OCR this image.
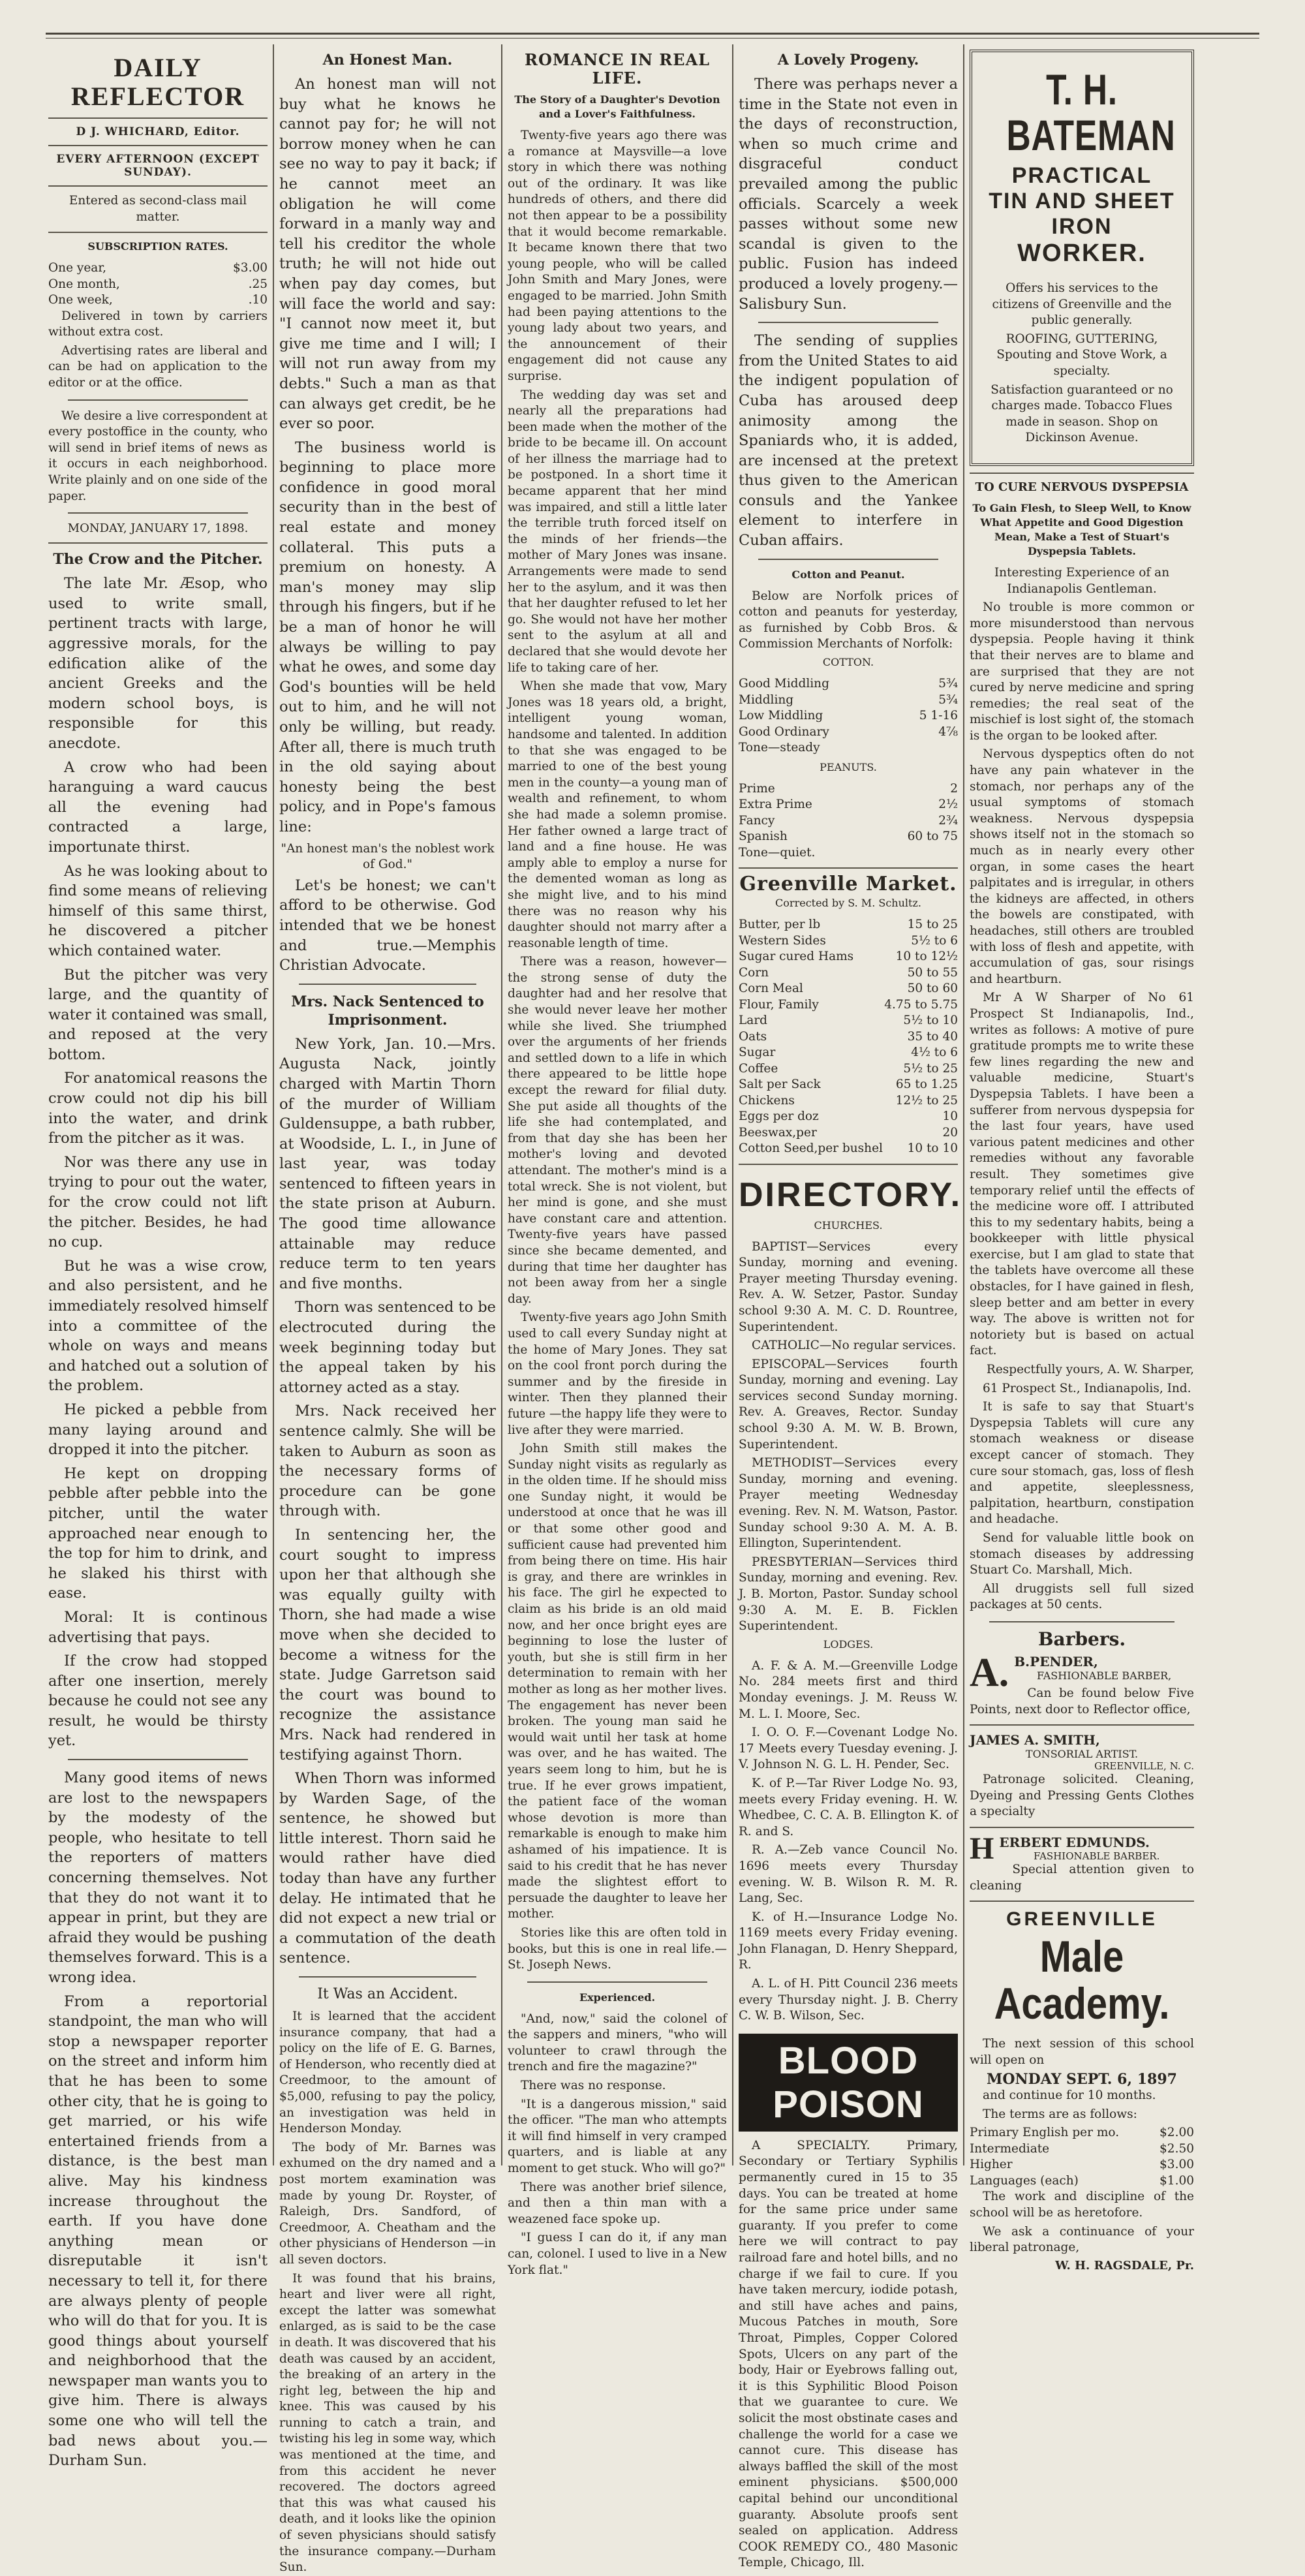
DAILY REFLECTOR
D J. WHICHARD, Editor.
EVERY AFTERNOON (EXCEPT SUNDAY).
Entered as second-class mail matter.
SUBSCRIPTION RATES.
One year,	$3.00
One month,	.25
One week,	.10

Delivered in town by carriers without extra cost.

Advertising rates are liberal and can be had on application to the editor or at the office.

We desire a live correspondent at every postoffice in the county, who will send in brief items of news as it occurs in each neighborhood. Write plainly and on one side of the paper.

MONDAY, JANUARY 17, 1898.
The Crow and the Pitcher.

The late Mr. Æsop, who used to write small, pertinent tracts with large, aggressive morals, for the edification alike of the ancient Greeks and the modern school boys, is responsible for this anecdote.

A crow who had been haranguing a ward caucus all the evening had contracted a large, importunate thirst.

As he was looking about to find some means of relieving himself of this same thirst, he discovered a pitcher which contained water.

But the pitcher was very large, and the quantity of water it contained was small, and reposed at the very bottom.

For anatomical reasons the crow could not dip his bill into the water, and drink from the pitcher as it was.

Nor was there any use in trying to pour out the water, for the crow could not lift the pitcher. Besides, he had no cup.

But he was a wise crow, and also persistent, and he immediately resolved himself into a committee of the whole on ways and means and hatched out a solution of the problem.

He picked a pebble from many laying around and dropped it into the pitcher.

He kept on dropping pebble after pebble into the pitcher, until the water approached near enough to the top for him to drink, and he slaked his thirst with ease.

Moral: It is continous advertising that pays.

If the crow had stopped after one insertion, merely because he could not see any result, he would be thirsty yet.

Many good items of news are lost to the newspapers by the modesty of the people, who hesitate to tell the reporters of matters concerning themselves. Not that they do not want it to appear in print, but they are afraid they would be pushing themselves forward. This is a wrong idea.

From a reportorial standpoint, the man who will stop a newspaper reporter on the street and inform him that he has been to some other city, that he is going to get married, or his wife entertained friends from a distance, is the best man alive. May his kindness increase throughout the earth. If you have done anything mean or disreputable it isn't necessary to tell it, for there are always plenty of people who will do that for you. It is good things about yourself and neighborhood that the newspaper man wants you to give him. There is always some one who will tell the bad news about you.—Durham Sun.

An Honest Man.

An honest man will not buy what he knows he cannot pay for; he will not borrow money when he can see no way to pay it back; if he cannot meet an obligation he will come forward in a manly way and tell his creditor the whole truth; he will not hide out when pay day comes, but will face the world and say: "I cannot now meet it, but give me time and I will; I will not run away from my debts." Such a man as that can always get credit, be he ever so poor.

The business world is beginning to place more confidence in good moral security than in the best of real estate and money collateral. This puts a premium on honesty. A man's money may slip through his fingers, but if he be a man of honor he will always be willing to pay what he owes, and some day God's bounties will be held out to him, and he will not only be willing, but ready. After all, there is much truth in the old saying about honesty being the best policy, and in Pope's famous line:

"An honest man's the noblest work of God."

Let's be honest; we can't afford to be otherwise. God intended that we be honest and true.—Memphis Christian Advocate.

Mrs. Nack Sentenced to Imprisonment.

New York, Jan. 10.—Mrs. Augusta Nack, jointly charged with Martin Thorn of the murder of William Guldensuppe, a bath rubber, at Woodside, L. I., in June of last year, was today sentenced to fifteen years in the state prison at Auburn. The good time allowance attainable may reduce reduce term to ten years and five months.

Thorn was sentenced to be electrocuted during the week beginning today but the appeal taken by his attorney acted as a stay.

Mrs. Nack received her sentence calmly. She will be taken to Auburn as soon as the necessary forms of procedure can be gone through with.

In sentencing her, the court sought to impress upon her that although she was equally guilty with Thorn, she had made a wise move when she decided to become a witness for the state. Judge Garretson said the court was bound to recognize the assistance Mrs. Nack had rendered in testifying against Thorn.

When Thorn was informed by Warden Sage, of the sentence, he showed but little interest. Thorn said he would rather have died today than have any further delay. He intimated that he did not expect a new trial or a commutation of the death sentence.

It Was an Accident.

It is learned that the accident insurance company, that had a policy on the life of E. G. Barnes, of Henderson, who recently died at Creedmoor, to the amount of $5,000, refusing to pay the policy, an investigation was held in Henderson Monday.

The body of Mr. Barnes was exhumed on the dry named and a post mortem examination was made by young Dr. Royster, of Raleigh, Drs. Sandford, of Creedmoor, A. Cheatham and the other physicians of Henderson —in all seven doctors.

It was found that his brains, heart and liver were all right, except the latter was somewhat enlarged, as is said to be the case in death. It was discovered that his death was caused by an accident, the breaking of an artery in the right leg, between the hip and knee. This was caused by his running to catch a train, and twisting his leg in some way, which was mentioned at the time, and from this accident he never recovered. The doctors agreed that this was what caused his death, and it looks like the opinion of seven physicians should satisfy the insurance company.—Durham Sun.

ROMANCE IN REAL LIFE.
The Story of a Daughter's Devotion and a Lover's Faithfulness.

Twenty-five years ago there was a romance at Maysville—a love story in which there was nothing out of the ordinary. It was like hundreds of others, and there did not then appear to be a possibility that it would become remarkable. It became known there that two young people, who will be called John Smith and Mary Jones, were engaged to be married. John Smith had been paying attentions to the young lady about two years, and the announcement of their engagement did not cause any surprise.

The wedding day was set and nearly all the preparations had been made when the mother of the bride to be became ill. On account of her illness the marriage had to be postponed. In a short time it became apparent that her mind was impaired, and still a little later the terrible truth forced itself on the minds of her friends—the mother of Mary Jones was insane. Arrangements were made to send her to the asylum, and it was then that her daughter refused to let her go. She would not have her mother sent to the asylum at all and declared that she would devote her life to taking care of her.

When she made that vow, Mary Jones was 18 years old, a bright, intelligent young woman, handsome and talented. In addition to that she was engaged to be married to one of the best young men in the county—a young man of wealth and refinement, to whom she had made a solemn promise. Her father owned a large tract of land and a fine house. He was amply able to employ a nurse for the demented woman as long as she might live, and to his mind there was no reason why his daughter should not marry after a reasonable length of time.

There was a reason, however—the strong sense of duty the daughter had and her resolve that she would never leave her mother while she lived. She triumphed over the arguments of her friends and settled down to a life in which there appeared to be little hope except the reward for filial duty. She put aside all thoughts of the life she had contemplated, and from that day she has been her mother's loving and devoted attendant. The mother's mind is a total wreck. She is not violent, but her mind is gone, and she must have constant care and attention. Twenty-five years have passed since she became demented, and during that time her daughter has not been away from her a single day.

Twenty-five years ago John Smith used to call every Sunday night at the home of Mary Jones. They sat on the cool front porch during the summer and by the fireside in winter. Then they planned their future —the happy life they were to live after they were married.

John Smith still makes the Sunday night visits as regularly as in the olden time. If he should miss one Sunday night, it would be understood at once that he was ill or that some other good and sufficient cause had prevented him from being there on time. His hair is gray, and there are wrinkles in his face. The girl he expected to claim as his bride is an old maid now, and her once bright eyes are beginning to lose the luster of youth, but she is still firm in her determination to remain with her mother as long as her mother lives. The engagement has never been broken. The young man said he would wait until her task at home was over, and he has waited. The years seem long to him, but he is true. If he ever grows impatient, the patient face of the woman whose devotion is more than remarkable is enough to make him ashamed of his impatience. It is said to his credit that he has never made the slightest effort to persuade the daughter to leave her mother.

Stories like this are often told in books, but this is one in real life.—St. Joseph News.

Experienced.

"And, now," said the colonel of the sappers and miners, "who will volunteer to crawl through the trench and fire the magazine?"

There was no response.

"It is a dangerous mission," said the officer. "The man who attempts it will find himself in very cramped quarters, and is liable at any moment to get stuck. Who will go?"

There was another brief silence, and then a thin man with a weazened face spoke up.

"I guess I can do it, if any man can, colonel. I used to live in a New York flat."

A Lovely Progeny.

There was perhaps never a time in the State not even in the days of reconstruction, when so much crime and disgraceful conduct prevailed among the public officials. Scarcely a week passes without some new scandal is given to the public. Fusion has indeed produced a lovely progeny.—Salisbury Sun.

The sending of supplies from the United States to aid the indigent population of Cuba has aroused deep animosity among the Spaniards who, it is added, are incensed at the pretext thus given to the American consuls and the Yankee element to interfere in Cuban affairs.

Cotton and Peanut.

Below are Norfolk prices of cotton and peanuts for yesterday, as furnished by Cobb Bros. & Commission Merchants of Norfolk:

COTTON.
Good Middling	5¾
Middling	5¾
Low Middling	5 1-16
Good Ordinary	4⅞
Tone—steady
PEANUTS.
Prime	2
Extra Prime	2½
Fancy	2¾
Spanish	60 to 75
Tone—quiet.
Greenville Market.
Corrected by S. M. Schultz.
Butter, per lb	15 to 25
Western Sides	5½ to 6
Sugar cured Hams	10 to 12½
Corn	50 to 55
Corn Meal	50 to 60
Flour, Family	4.75 to 5.75
Lard	5½ to 10
Oats	35 to 40
Sugar	4½ to 6
Coffee	5½ to 25
Salt per Sack	65 to 1.25
Chickens	12½ to 25
Eggs per doz	10
Beeswax,per	20
Cotton Seed,per bushel 10 to 10
DIRECTORY.
CHURCHES.

BAPTIST—Services every Sunday, morning and evening. Prayer meeting Thursday evening. Rev. A. W. Setzer, Pastor. Sunday school 9:30 A. M. C. D. Rountree, Superintendent.

CATHOLIC—No regular services.

EPISCOPAL—Services fourth Sunday, morning and evening. Lay services second Sunday morning. Rev. A. Greaves, Rector. Sunday school 9:30 A. M. W. B. Brown, Superintendent.

METHODIST—Services every Sunday, morning and evening. Prayer meeting Wednesday evening. Rev. N. M. Watson, Pastor. Sunday school 9:30 A. M. A. B. Ellington, Superintendent.

PRESBYTERIAN—Services third Sunday, morning and evening. Rev. J. B. Morton, Pastor. Sunday school 9:30 A. M. E. B. Ficklen Superintendent.

LODGES.

A. F. & A. M.—Greenville Lodge No. 284 meets first and third Monday evenings. J. M. Reuss W. M. L. I. Moore, Sec.

I. O. O. F.—Covenant Lodge No. 17 Meets every Tuesday evening. J. V. Johnson N. G. L. H. Pender, Sec.

K. of P.—Tar River Lodge No. 93, meets every Friday evening. H. W. Whedbee, C. C. A. B. Ellington K. of R. and S.

R. A.—Zeb vance Council No. 1696 meets every Thursday evening. W. B. Wilson R. M. R. Lang, Sec.

K. of H.—Insurance Lodge No. 1169 meets every Friday evening. John Flanagan, D. Henry Sheppard, R.

A. L. of H. Pitt Council 236 meets every Thursday night. J. B. Cherry C. W. B. Wilson, Sec.

BLOOD POISON

A SPECIALTY. Primary, Secondary or Tertiary Syphilis permanently cured in 15 to 35 days. You can be treated at home for the same price under same guaranty. If you prefer to come here we will contract to pay railroad fare and hotel bills, and no charge if we fail to cure. If you have taken mercury, iodide potash, and still have aches and pains, Mucous Patches in mouth, Sore Throat, Pimples, Copper Colored Spots, Ulcers on any part of the body, Hair or Eyebrows falling out, it is this Syphilitic Blood Poison that we guarantee to cure. We solicit the most obstinate cases and challenge the world for a case we cannot cure. This disease has always baffled the skill of the most eminent physicians. $500,000 capital behind our unconditional guaranty. Absolute proofs sent sealed on application. Address COOK REMEDY CO., 480 Masonic Temple, Chicago, Ill.

T. H. BATEMAN
PRACTICAL
TIN AND SHEET IRON
WORKER.

Offers his services to the citizens of Greenville and the public generally.

ROOFING, GUTTERING, Spouting and Stove Work, a specialty.

Satisfaction guaranteed or no charges made. Tobacco Flues made in season. Shop on Dickinson Avenue.

TO CURE NERVOUS DYSPEPSIA
To Gain Flesh, to Sleep Well, to Know What Appetite and Good Digestion Mean, Make a Test of Stuart's Dyspepsia Tablets.

Interesting Experience of an Indianapolis Gentleman.

No trouble is more common or more misunderstood than nervous dyspepsia. People having it think that their nerves are to blame and are surprised that they are not cured by nerve medicine and spring remedies; the real seat of the mischief is lost sight of, the stomach is the organ to be looked after.

Nervous dyspeptics often do not have any pain whatever in the stomach, nor perhaps any of the usual symptoms of stomach weakness. Nervous dyspepsia shows itself not in the stomach so much as in nearly every other organ, in some cases the heart palpitates and is irregular, in others the kidneys are affected, in others the bowels are constipated, with headaches, still others are troubled with loss of flesh and appetite, with accumulation of gas, sour risings and heartburn.

Mr A W Sharper of No 61 Prospect St Indianapolis, Ind., writes as follows: A motive of pure gratitude prompts me to write these few lines regarding the new and valuable medicine, Stuart's Dyspepsia Tablets. I have been a sufferer from nervous dyspepsia for the last four years, have used various patent medicines and other remedies without any favorable result. They sometimes give temporary relief until the effects of the medicine wore off. I attributed this to my sedentary habits, being a bookkeeper with little physical exercise, but I am glad to state that the tablets have overcome all these obstacles, for I have gained in flesh, sleep better and am better in every way. The above is written not for notoriety but is based on actual fact.

Respectfully yours, A. W. Sharper,

61 Prospect St., Indianapolis, Ind.

It is safe to say that Stuart's Dyspepsia Tablets will cure any stomach weakness or disease except cancer of stomach. They cure sour stomach, gas, loss of flesh and appetite, sleeplessness, palpitation, heartburn, constipation and headache.

Send for valuable little book on stomach diseases by addressing Stuart Co. Marshall, Mich.

All druggists sell full sized packages at 50 cents.

Barbers.
A. B.PENDER,
FASHIONABLE BARBER,

Can be found below Five Points, next door to Reflector office,

JAMES A. SMITH,
TONSORIAL ARTIST.
GREENVILLE, N. C.

Patronage solicited. Cleaning, Dyeing and Pressing Gents Clothes a specialty

H ERBERT EDMUNDS.
FASHIONABLE BARBER.

Special attention given to cleaning

GREENVILLE
Male Academy.

The next session of this school will open on

MONDAY SEPT. 6, 1897

and continue for 10 months.

The terms are as follows:

Primary English per mo.	$2.00
Intermediate	$2.50
Higher	$3.00
Languages (each)	$1.00

The work and discipline of the school will be as heretofore.

We ask a continuance of your liberal patronage,

W. H. RAGSDALE, Pr.
